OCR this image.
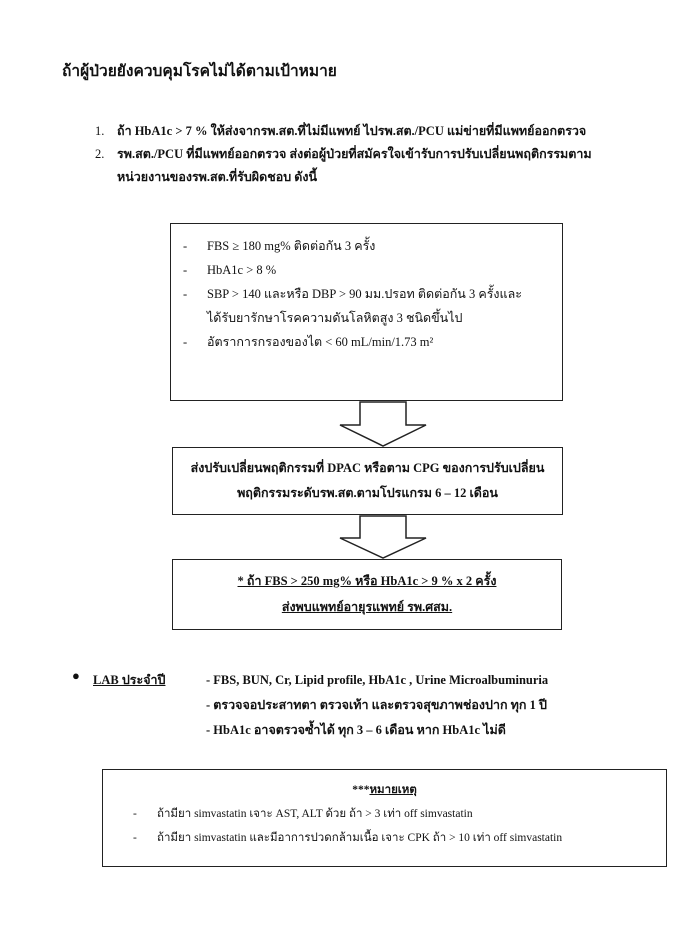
ถ้าผู้ป่วยยังควบคุมโรคไม่ได้ตามเป้าหมาย
1.	ถ้า HbA1c > 7 % ให้ส่งจากรพ.สต.ที่ไม่มีแพทย์ ไปรพ.สต./PCU แม่ข่ายที่มีแพทย์ออกตรวจ
2.	รพ.สต./PCU ที่มีแพทย์ออกตรวจ ส่งต่อผู้ป่วยที่สมัครใจเข้ารับการปรับเปลี่ยนพฤติกรรมตาม
หน่วยงานของรพ.สต.ที่รับผิดชอบ ดังนี้
-	FBS ≥ 180 mg% ติดต่อกัน 3 ครั้ง
-	HbA1c > 8 %
-	SBP > 140 และหรือ DBP > 90 มม.ปรอท ติดต่อกัน 3 ครั้งและ
ได้รับยารักษาโรคความดันโลหิตสูง 3 ชนิดขึ้นไป
-	อัตราการกรองของไต < 60 mL/min/1.73 m²
ส่งปรับเปลี่ยนพฤติกรรมที่ DPAC หรือตาม CPG ของการปรับเปลี่ยน
พฤติกรรมระดับรพ.สต.ตามโปรแกรม 6 – 12 เดือน
* ถ้า FBS > 250 mg% หรือ HbA1c > 9 % x 2 ครั้ง
ส่งพบแพทย์อายุรแพทย์ รพ.ศสม.
● LAB ประจำปี	- FBS, BUN, Cr, Lipid profile, HbA1c , Urine Microalbuminuria
- ตรวจจอประสาทตา ตรวจเท้า และตรวจสุขภาพช่องปาก ทุก 1 ปี
- HbA1c อาจตรวจซ้ำได้ ทุก 3 – 6 เดือน หาก HbA1c ไม่ดี
***หมายเหตุ
-	ถ้ามียา simvastatin เจาะ AST, ALT ด้วย ถ้า > 3 เท่า off simvastatin
-	ถ้ามียา simvastatin และมีอาการปวดกล้ามเนื้อ เจาะ CPK ถ้า > 10 เท่า off simvastatin
